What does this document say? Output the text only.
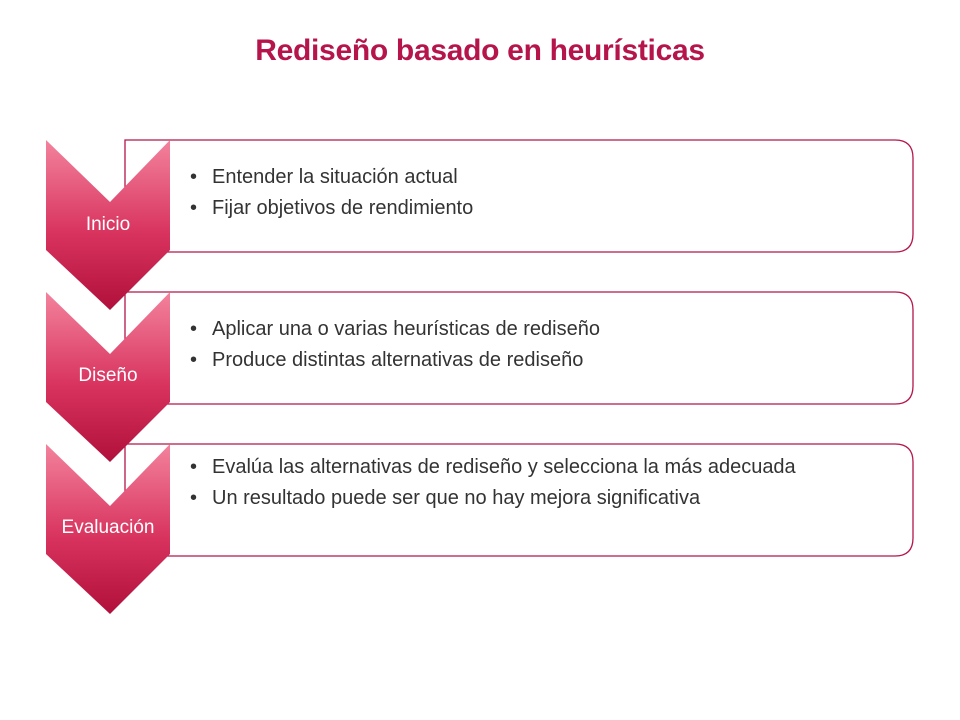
Rediseño basado en heurísticas
Inicio
• Entender la situación actual
• Fijar objetivos de rendimiento
Diseño
• Aplicar una o varias heurísticas de rediseño
• Produce distintas alternativas de rediseño
Evaluación
• Evalúa las alternativas de rediseño y selecciona la más adecuada
• Un resultado puede ser que no hay mejora significativa
